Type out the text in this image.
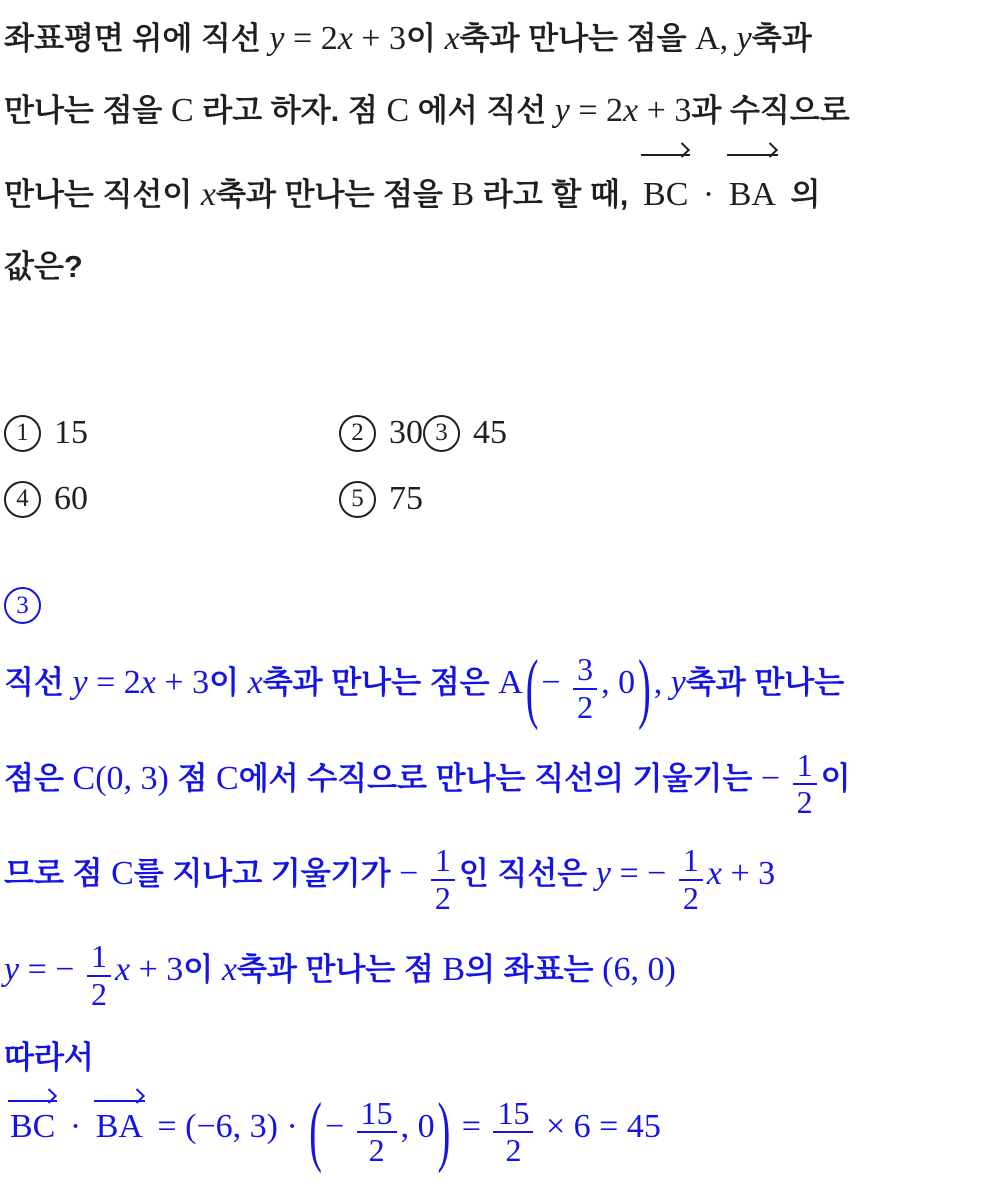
좌표평면 위에 직선 y = 2x + 3이 x축과 만나는 점을 A, y축과
만나는 점을 C 라고 하자. 점 C 에서 직선 y = 2x + 3과 수직으로
만나는 직선이 x축과 만나는 점을 B 라고 할 때,
BC · BA 의
값은?
1 15	2 30 3 45
4 60	5 75
3
직선 y = 2x + 3이 x축과 만나는 점은 $A(- \frac{3}{2}$ , 0), y축과 만나는
점은 C(0, 3) 점 C에서 수직으로 만나는 직선의 기울기는 − $\frac{1}{2}$ 이
므로 점 C를 지나고 기울기가 − $\frac{1}{2}$ 인 직선은 y = − $\frac{1}{2}$ x + 3
y = − $\frac{1}{2}$ x + 3이 x축과 만나는 점 B의 좌표는 (6, 0)
따라서
BC · BA = (−6, 3) · (− $\frac{15}{2}$ , $0) = \frac{15}{2} \times 6 = 45$
